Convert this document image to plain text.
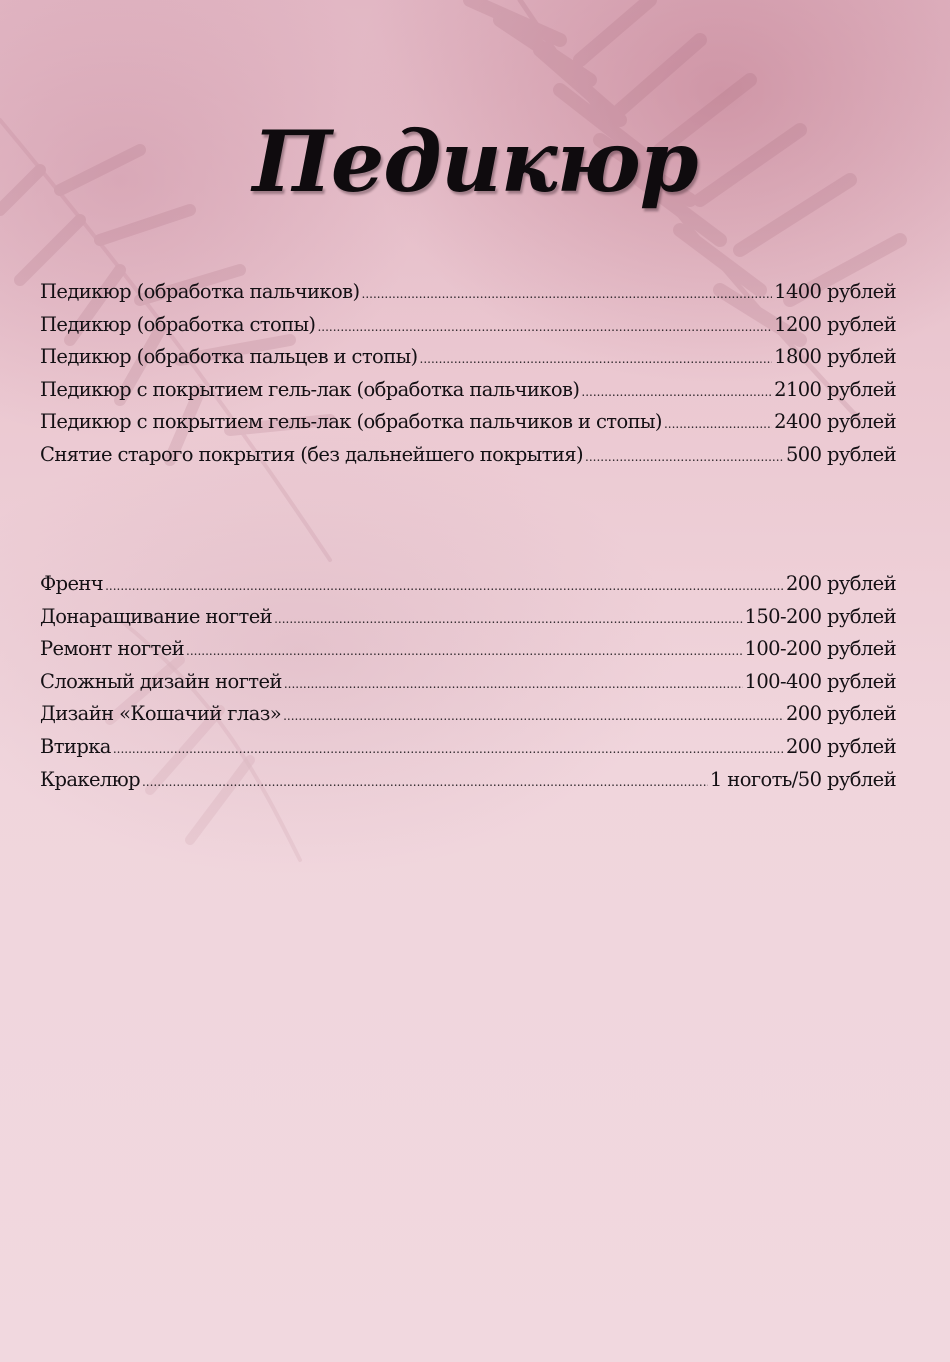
Педикюр
Педикюр (обработка пальчиков) .....	1400 рублей
Педикюр (обработка стопы) .....	1200 рублей
Педикюр (обработка пальцев и стопы) .....	1800 рублей
Педикюр с покрытием гель-лак (обработка пальчиков) .....	2100 рублей
Педикюр с покрытием гель-лак (обработка пальчиков и стопы) .....	2400 рублей
Снятие старого покрытия (без дальнейшего покрытия) .....	500 рублей
Френч .....	200 рублей
Донаращивание ногтей .....	150-200 рублей
Ремонт ногтей .....	100-200 рублей
Сложный дизайн ногтей .....	100-400 рублей
Дизайн «Кошачий глаз» .....	200 рублей
Втирка .....	200 рублей
Кракелюр .....	1 ноготь/50 рублей
